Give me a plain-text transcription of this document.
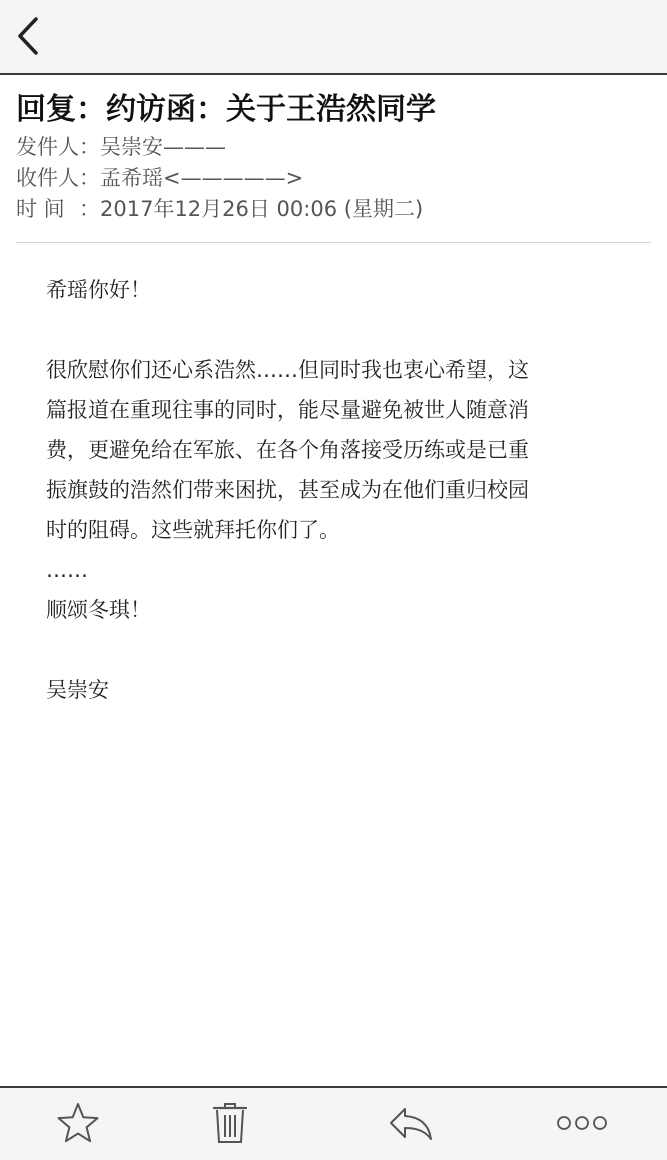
回复：约访函：关于王浩然同学
发件人 ： 吴崇安———
收件人 ： 孟希瑶<—————>
时 间 ： 2017年12月26日 00:06 (星期二)

希瑶你好！

很欣慰你们还心系浩然……但同时我也衷心希望，这

篇报道在重现往事的同时，能尽量避免被世人随意消

费，更避免给在军旅、在各个角落接受历练或是已重

振旗鼓的浩然们带来困扰，甚至成为在他们重归校园

时的阻碍。这些就拜托你们了。

……

顺颂冬琪！

吴崇安
